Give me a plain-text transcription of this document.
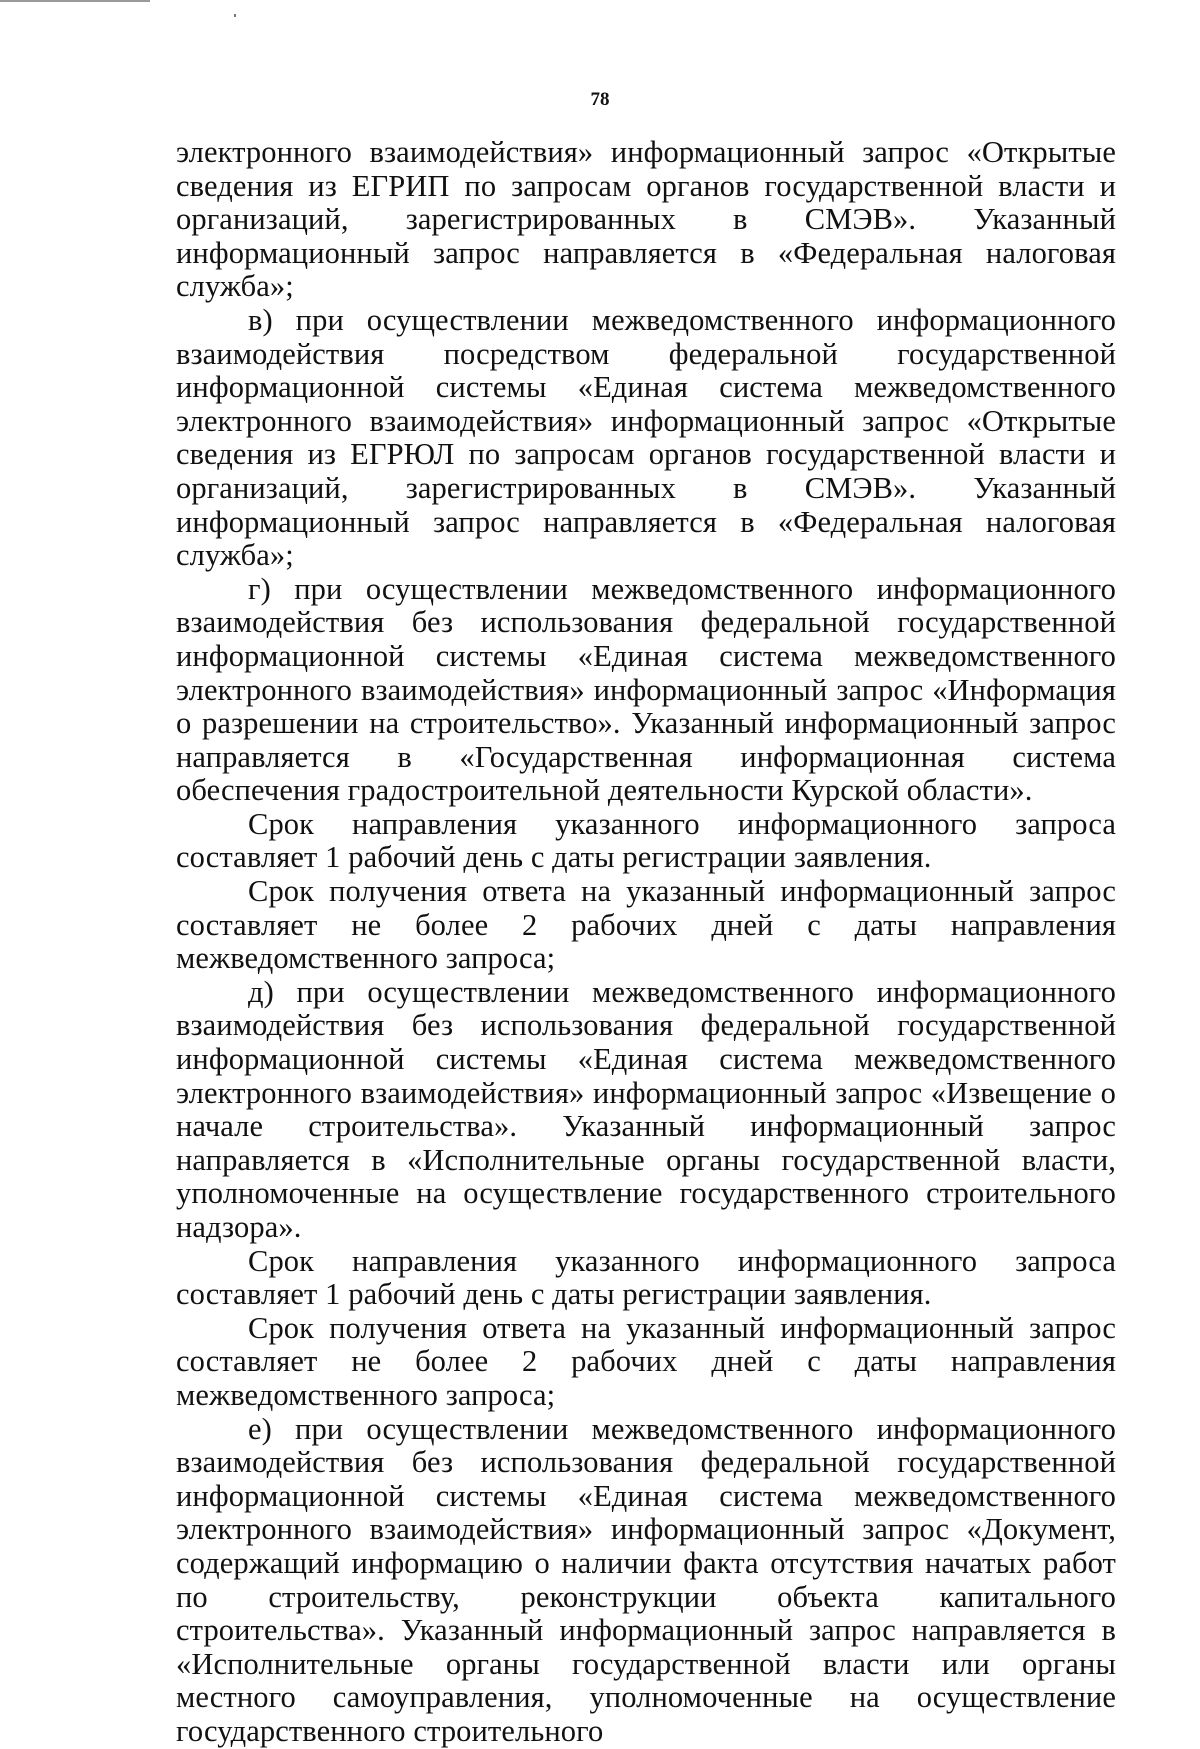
78

электронного взаимодействия» информационный запрос «Открытые сведения из ЕГРИП по запросам органов государственной власти и организаций, зарегистрированных в СМЭВ». Указанный информационный запрос направляется в «Федеральная налоговая служба»;

в) при осуществлении межведомственного информационного взаимодействия посредством федеральной государственной информационной системы «Единая система межведомственного электронного взаимодействия» информационный запрос «Открытые сведения из ЕГРЮЛ по запросам органов государственной власти и организаций, зарегистрированных в СМЭВ». Указанный информационный запрос направляется в «Федеральная налоговая служба»;

г) при осуществлении межведомственного информационного взаимодействия без использования федеральной государственной информационной системы «Единая система межведомственного электронного взаимодействия» информационный запрос «Информация о разрешении на строительство». Указанный информационный запрос направляется в «Государственная информационная система обеспечения градостроительной деятельности Курской области».

Срок направления указанного информационного запроса составляет 1 рабочий день с даты регистрации заявления.

Срок получения ответа на указанный информационный запрос составляет не более 2 рабочих дней с даты направления межведомственного запроса;

д) при осуществлении межведомственного информационного взаимодействия без использования федеральной государственной информационной системы «Единая система межведомственного электронного взаимодействия» информационный запрос «Извещение о начале строительства». Указанный информационный запрос направляется в «Исполнительные органы государственной власти, уполномоченные на осуществление государственного строительного надзора».

Срок направления указанного информационного запроса составляет 1 рабочий день с даты регистрации заявления.

Срок получения ответа на указанный информационный запрос составляет не более 2 рабочих дней с даты направления межведомственного запроса;

е) при осуществлении межведомственного информационного взаимодействия без использования федеральной государственной информационной системы «Единая система межведомственного электронного взаимодействия» информационный запрос «Документ, содержащий информацию о наличии факта отсутствия начатых работ по строительству, реконструкции объекта капитального строительства». Указанный информационный запрос направляется в «Исполнительные органы государственной власти или органы местного самоуправления, уполномоченные на осуществление государственного строительного
